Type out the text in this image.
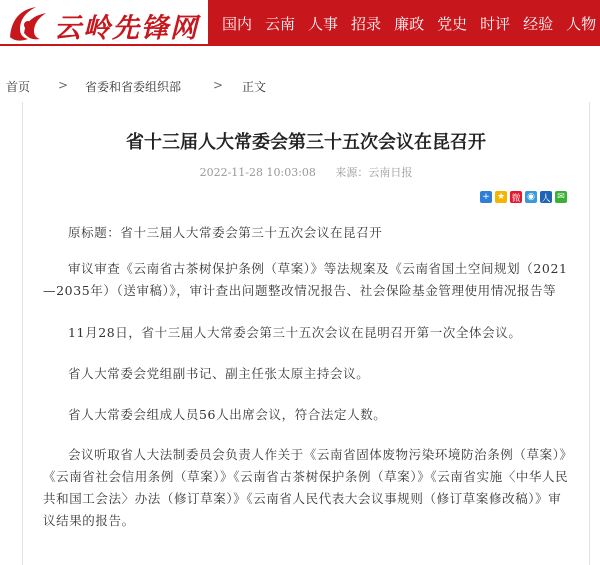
云岭先锋网 国内 云南 人事 招录 廉政 党史 时评 经验 人物
首页 > 省委和省委组织部	> 正文
省十三届人大常委会第三十五次会议在昆召开
2022-11-28 10:03:08 来源：云南日报
+ ★ 微 ◉ 人 ✉

原标题：省十三届人大常委会第三十五次会议在昆召开

审议审查《云南省古茶树保护条例（草案）》等法规案及《云南省国土空间规划（2021—2035年）（送审稿）》，审计查出问题整改情况报告、社会保险基金管理使用情况报告等

11月28日，省十三届人大常委会第三十五次会议在昆明召开第一次全体会议。

省人大常委会党组副书记、副主任张太原主持会议。

省人大常委会组成人员56人出席会议，符合法定人数。

会议听取省人大法制委员会负责人作关于《云南省固体废物污染环境防治条例（草案）》《云南省社会信用条例（草案）》《云南省古茶树保护条例（草案）》《云南省实施〈中华人民共和国工会法〉办法（修订草案）》《云南省人民代表大会议事规则（修订草案修改稿）》审议结果的报告。
